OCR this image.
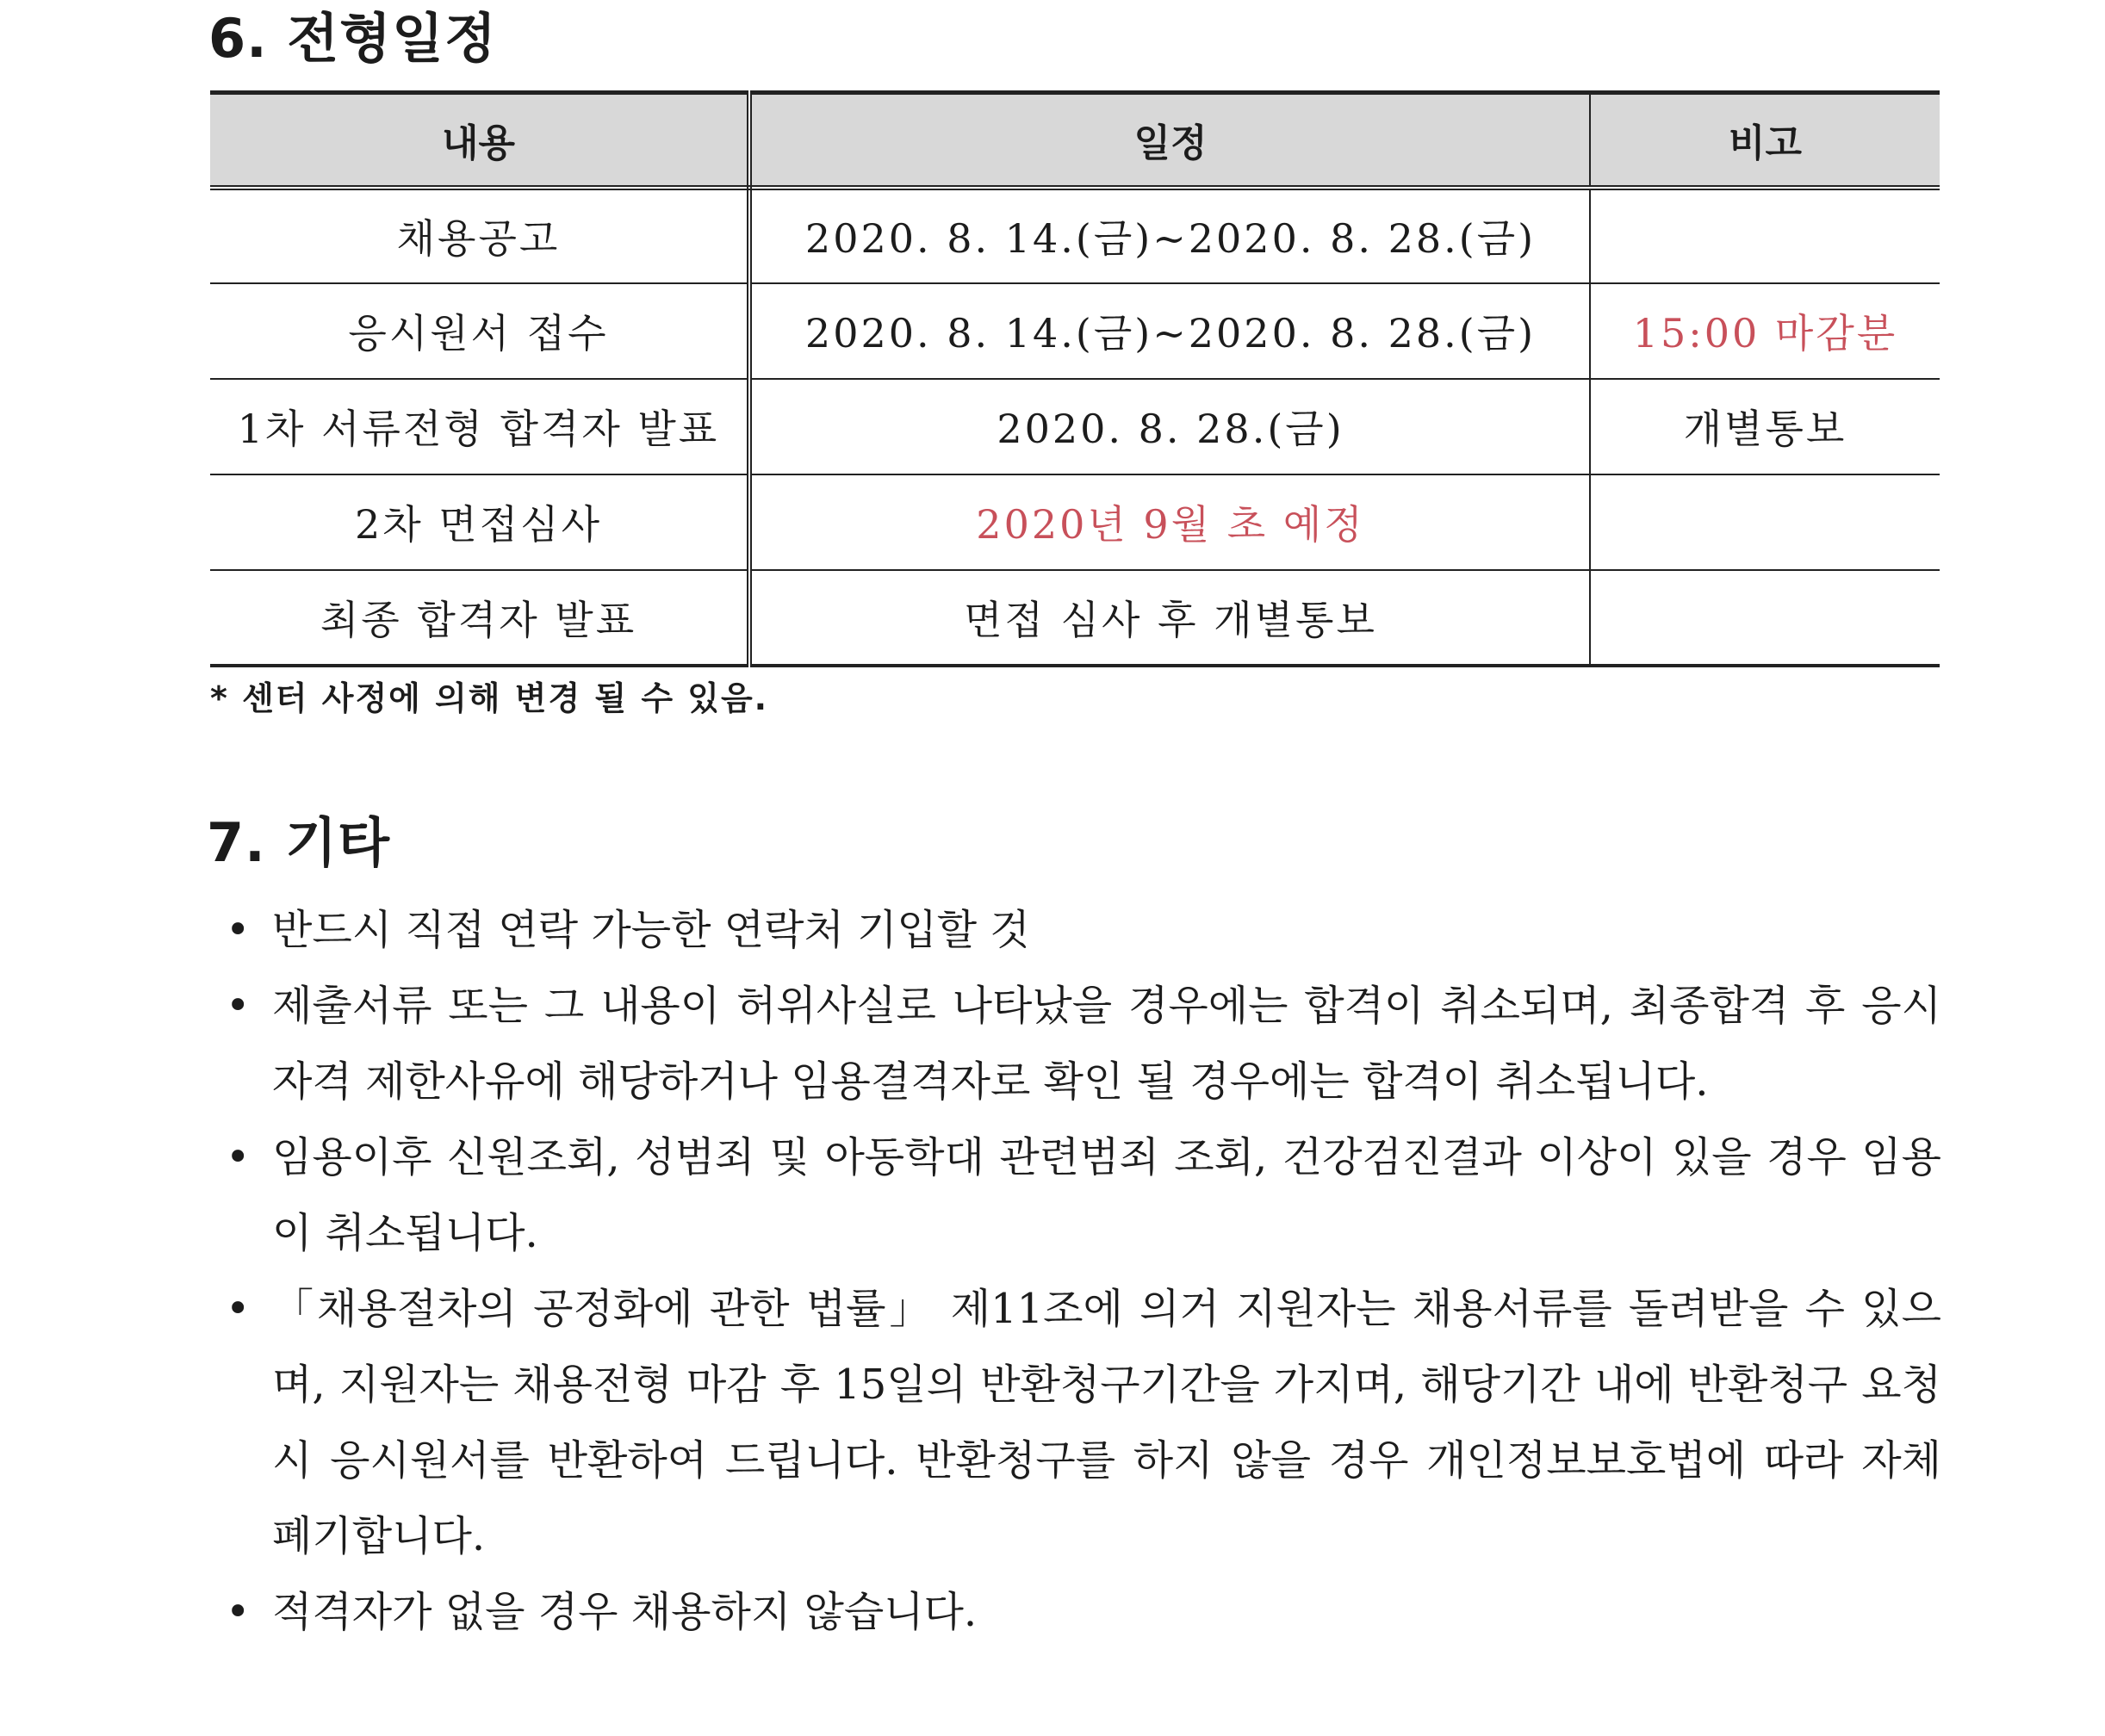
6. 전형일정
내용	일정	비고
채용공고	2020. 8. 14.(금)~2020. 8. 28.(금)	
응시원서 접수	2020. 8. 14.(금)~2020. 8. 28.(금)	15:00 마감분
1차 서류전형 합격자 발표	2020. 8. 28.(금)	개별통보
2차 면접심사	2020년 9월 초 예정	
최종 합격자 발표	면접 심사 후 개별통보	

* 센터 사정에 의해 변경 될 수 있음.

7. 기타
• 반드시 직접 연락 가능한 연락처 기입할 것
• 제출서류 또는 그 내용이 허위사실로 나타났을 경우에는 합격이 취소되며, 최종합격 후 응시자격 제한사유에 해당하거나 임용결격자로 확인 될 경우에는 합격이 취소됩니다.
• 임용이후 신원조회, 성범죄 및 아동학대 관련범죄 조회, 건강검진결과 이상이 있을 경우 임용이 취소됩니다.
• 「채용절차의 공정화에 관한 법률」 제11조에 의거 지원자는 채용서류를 돌려받을 수 있으며, 지원자는 채용전형 마감 후 15일의 반환청구기간을 가지며, 해당기간 내에 반환청구 요청 시 응시원서를 반환하여 드립니다. 반환청구를 하지 않을 경우 개인정보보호법에 따라 자체 폐기합니다.
• 적격자가 없을 경우 채용하지 않습니다.
